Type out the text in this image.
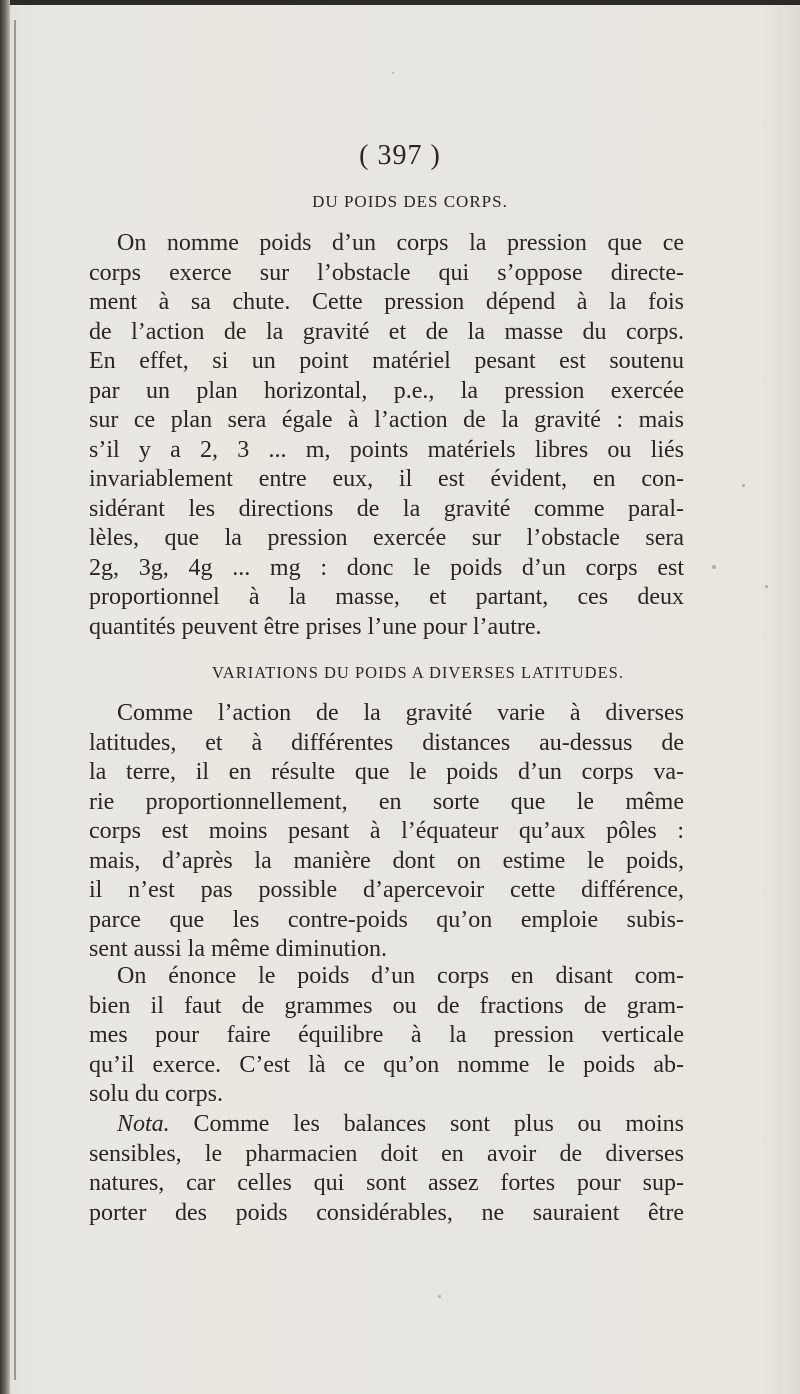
( 397 )
DU POIDS DES CORPS.
On nomme poids d’un corps la pression que ce
corps exerce sur l’obstacle qui s’oppose directe-
ment à sa chute. Cette pression dépend à la fois
de l’action de la gravité et de la masse du corps.
En effet, si un point matériel pesant est soutenu
par un plan horizontal, p.e., la pression exercée
sur ce plan sera égale à l’action de la gravité : mais
s’il y a 2, 3 ... m, points matériels libres ou liés
invariablement entre eux, il est évident, en con-
sidérant les directions de la gravité comme paral-
lèles, que la pression exercée sur l’obstacle sera
2g, 3g, 4g ... mg : donc le poids d’un corps est
proportionnel à la masse, et partant, ces deux
quantités peuvent être prises l’une pour l’autre.
VARIATIONS DU POIDS A DIVERSES LATITUDES.
Comme l’action de la gravité varie à diverses
latitudes, et à différentes distances au-dessus de
la terre, il en résulte que le poids d’un corps va-
rie proportionnellement, en sorte que le même
corps est moins pesant à l’équateur qu’aux pôles :
mais, d’après la manière dont on estime le poids,
il n’est pas possible d’apercevoir cette différence,
parce que les contre-poids qu’on emploie subis-
sent aussi la même diminution.
On énonce le poids d’un corps en disant com-
bien il faut de grammes ou de fractions de gram-
mes pour faire équilibre à la pression verticale
qu’il exerce. C’est là ce qu’on nomme le poids ab-
solu du corps.
Nota. Comme les balances sont plus ou moins
sensibles, le pharmacien doit en avoir de diverses
natures, car celles qui sont assez fortes pour sup-
porter des poids considérables, ne sauraient être
